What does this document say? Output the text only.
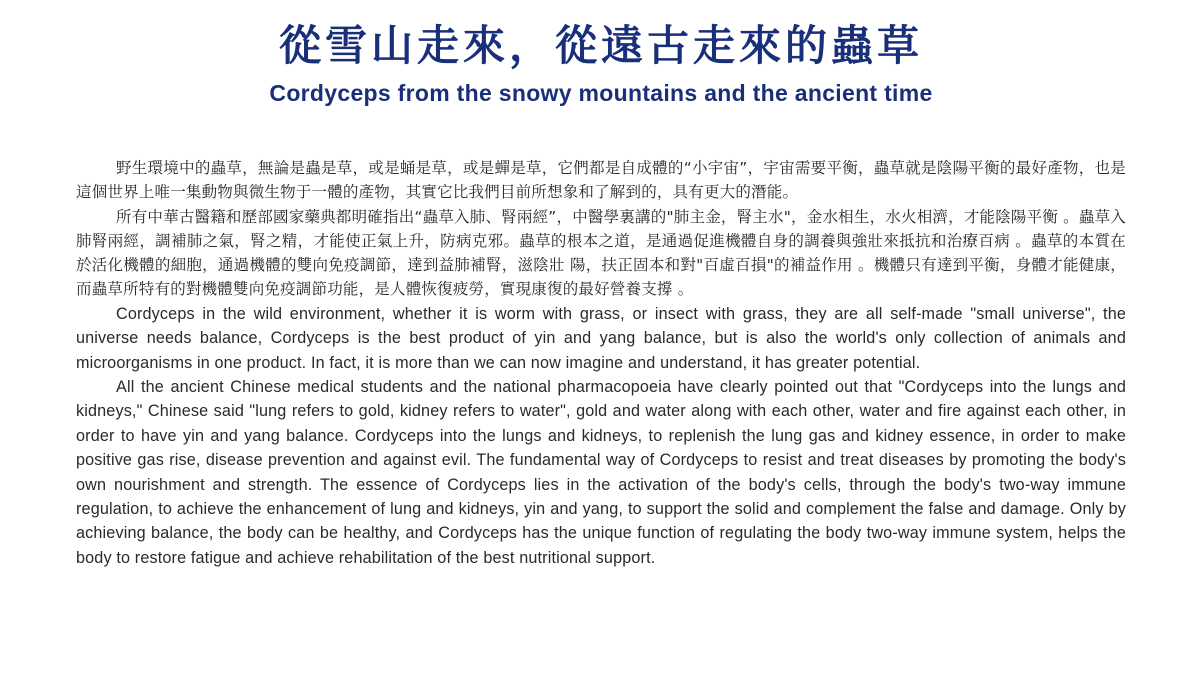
從雪山走來，從遠古走來的蟲草
Cordyceps from the snowy mountains and the ancient time

野生環境中的蟲草，無論是蟲是草，或是蛹是草，或是蟬是草，它們都是自成體的“小宇宙”，宇宙需要平衡，蟲草就是陰陽平衡的最好產物，也是這個世界上唯一集動物與微生物于一體的產物，其實它比我們目前所想象和了解到的，具有更大的潛能。

所有中華古醫籍和歷部國家藥典都明確指出“蟲草入肺、腎兩經”，中醫學裏講的"肺主金，腎主水"，金水相生，水火相濟，才能陰陽平衡 。蟲草入肺腎兩經，調補肺之氣，腎之精，才能使正氣上升，防病克邪。蟲草的根本之道，是通過促進機體自身的調養與強壯來抵抗和治療百病 。蟲草的本質在於活化機體的細胞，通過機體的雙向免疫調節，達到益肺補腎，滋陰壯 陽，扶正固本和對"百虛百損"的補益作用 。機體只有達到平衡，身體才能健康，而蟲草所特有的對機體雙向免疫調節功能，是人體恢復疲勞，實現康復的最好營養支撐 。

Cordyceps in the wild environment, whether it is worm with grass, or insect with grass, they are all self-made "small universe", the universe needs balance, Cordyceps is the best product of yin and yang balance, but is also the world's only collection of animals and microorganisms in one product. In fact, it is more than we can now imagine and understand, it has greater potential.

All the ancient Chinese medical students and the national pharmacopoeia have clearly pointed out that "Cordyceps into the lungs and kidneys," Chinese said "lung refers to gold, kidney refers to water", gold and water along with each other, water and fire against each other, in order to have yin and yang balance. Cordyceps into the lungs and kidneys, to replenish the lung gas and kidney essence, in order to make positive gas rise, disease prevention and against evil. The fundamental way of Cordyceps to resist and treat diseases by promoting the body's own nourishment and strength. The essence of Cordyceps lies in the activation of the body's cells, through the body's two-way immune regulation, to achieve the enhancement of lung and kidneys, yin and yang, to support the solid and complement the false and damage. Only by achieving balance, the body can be healthy, and Cordyceps has the unique function of regulating the body two-way immune system, helps the body to restore fatigue and achieve rehabilitation of the best nutritional support.
